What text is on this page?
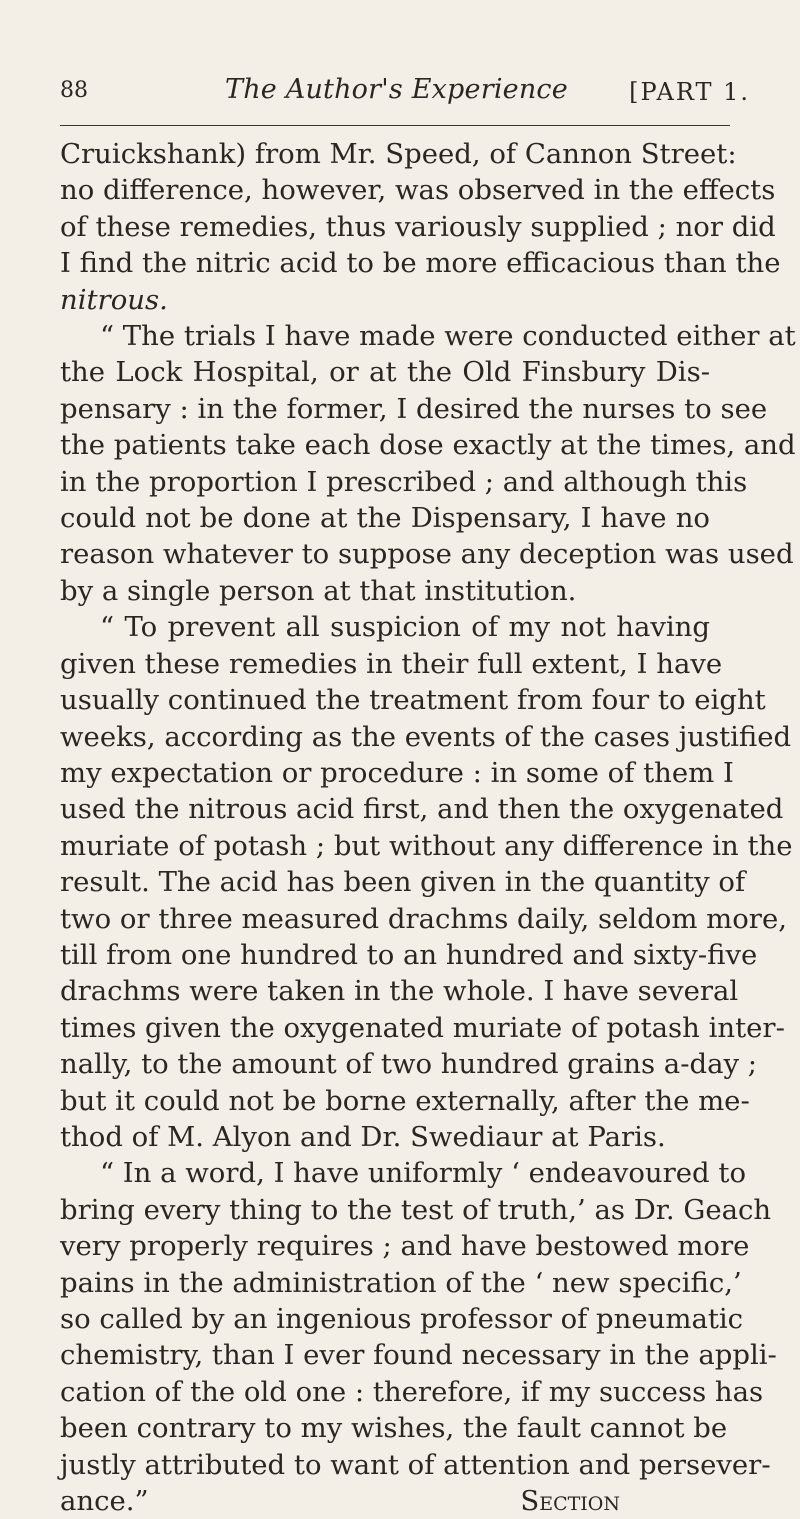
88	The Author's Experience	[PART 1.
Cruickshank) from Mr. Speed, of Cannon Street:
no difference, however, was observed in the effects
of these remedies, thus variously supplied ; nor did
I find the nitric acid to be more efficacious than the
nitrous.
“ The trials I have made were conducted either at
the Lock Hospital, or at the Old Finsbury Dis-
pensary : in the former, I desired the nurses to see
the patients take each dose exactly at the times, and
in the proportion I prescribed ; and although this
could not be done at the Dispensary, I have no
reason whatever to suppose any deception was used
by a single person at that institution.
“ To prevent all suspicion of my not having
given these remedies in their full extent, I have
usually continued the treatment from four to eight
weeks, according as the events of the cases justified
my expectation or procedure : in some of them I
used the nitrous acid first, and then the oxygenated
muriate of potash ; but without any difference in the
result. The acid has been given in the quantity of
two or three measured drachms daily, seldom more,
till from one hundred to an hundred and sixty-five
drachms were taken in the whole. I have several
times given the oxygenated muriate of potash inter-
nally, to the amount of two hundred grains a-day ;
but it could not be borne externally, after the me-
thod of M. Alyon and Dr. Swediaur at Paris.
“ In a word, I have uniformly ‘ endeavoured to
bring every thing to the test of truth,’ as Dr. Geach
very properly requires ; and have bestowed more
pains in the administration of the ‘ new specific,’
so called by an ingenious professor of pneumatic
chemistry, than I ever found necessary in the appli-
cation of the old one : therefore, if my success has
been contrary to my wishes, the fault cannot be
justly attributed to want of attention and persever-
ance.”	Section
